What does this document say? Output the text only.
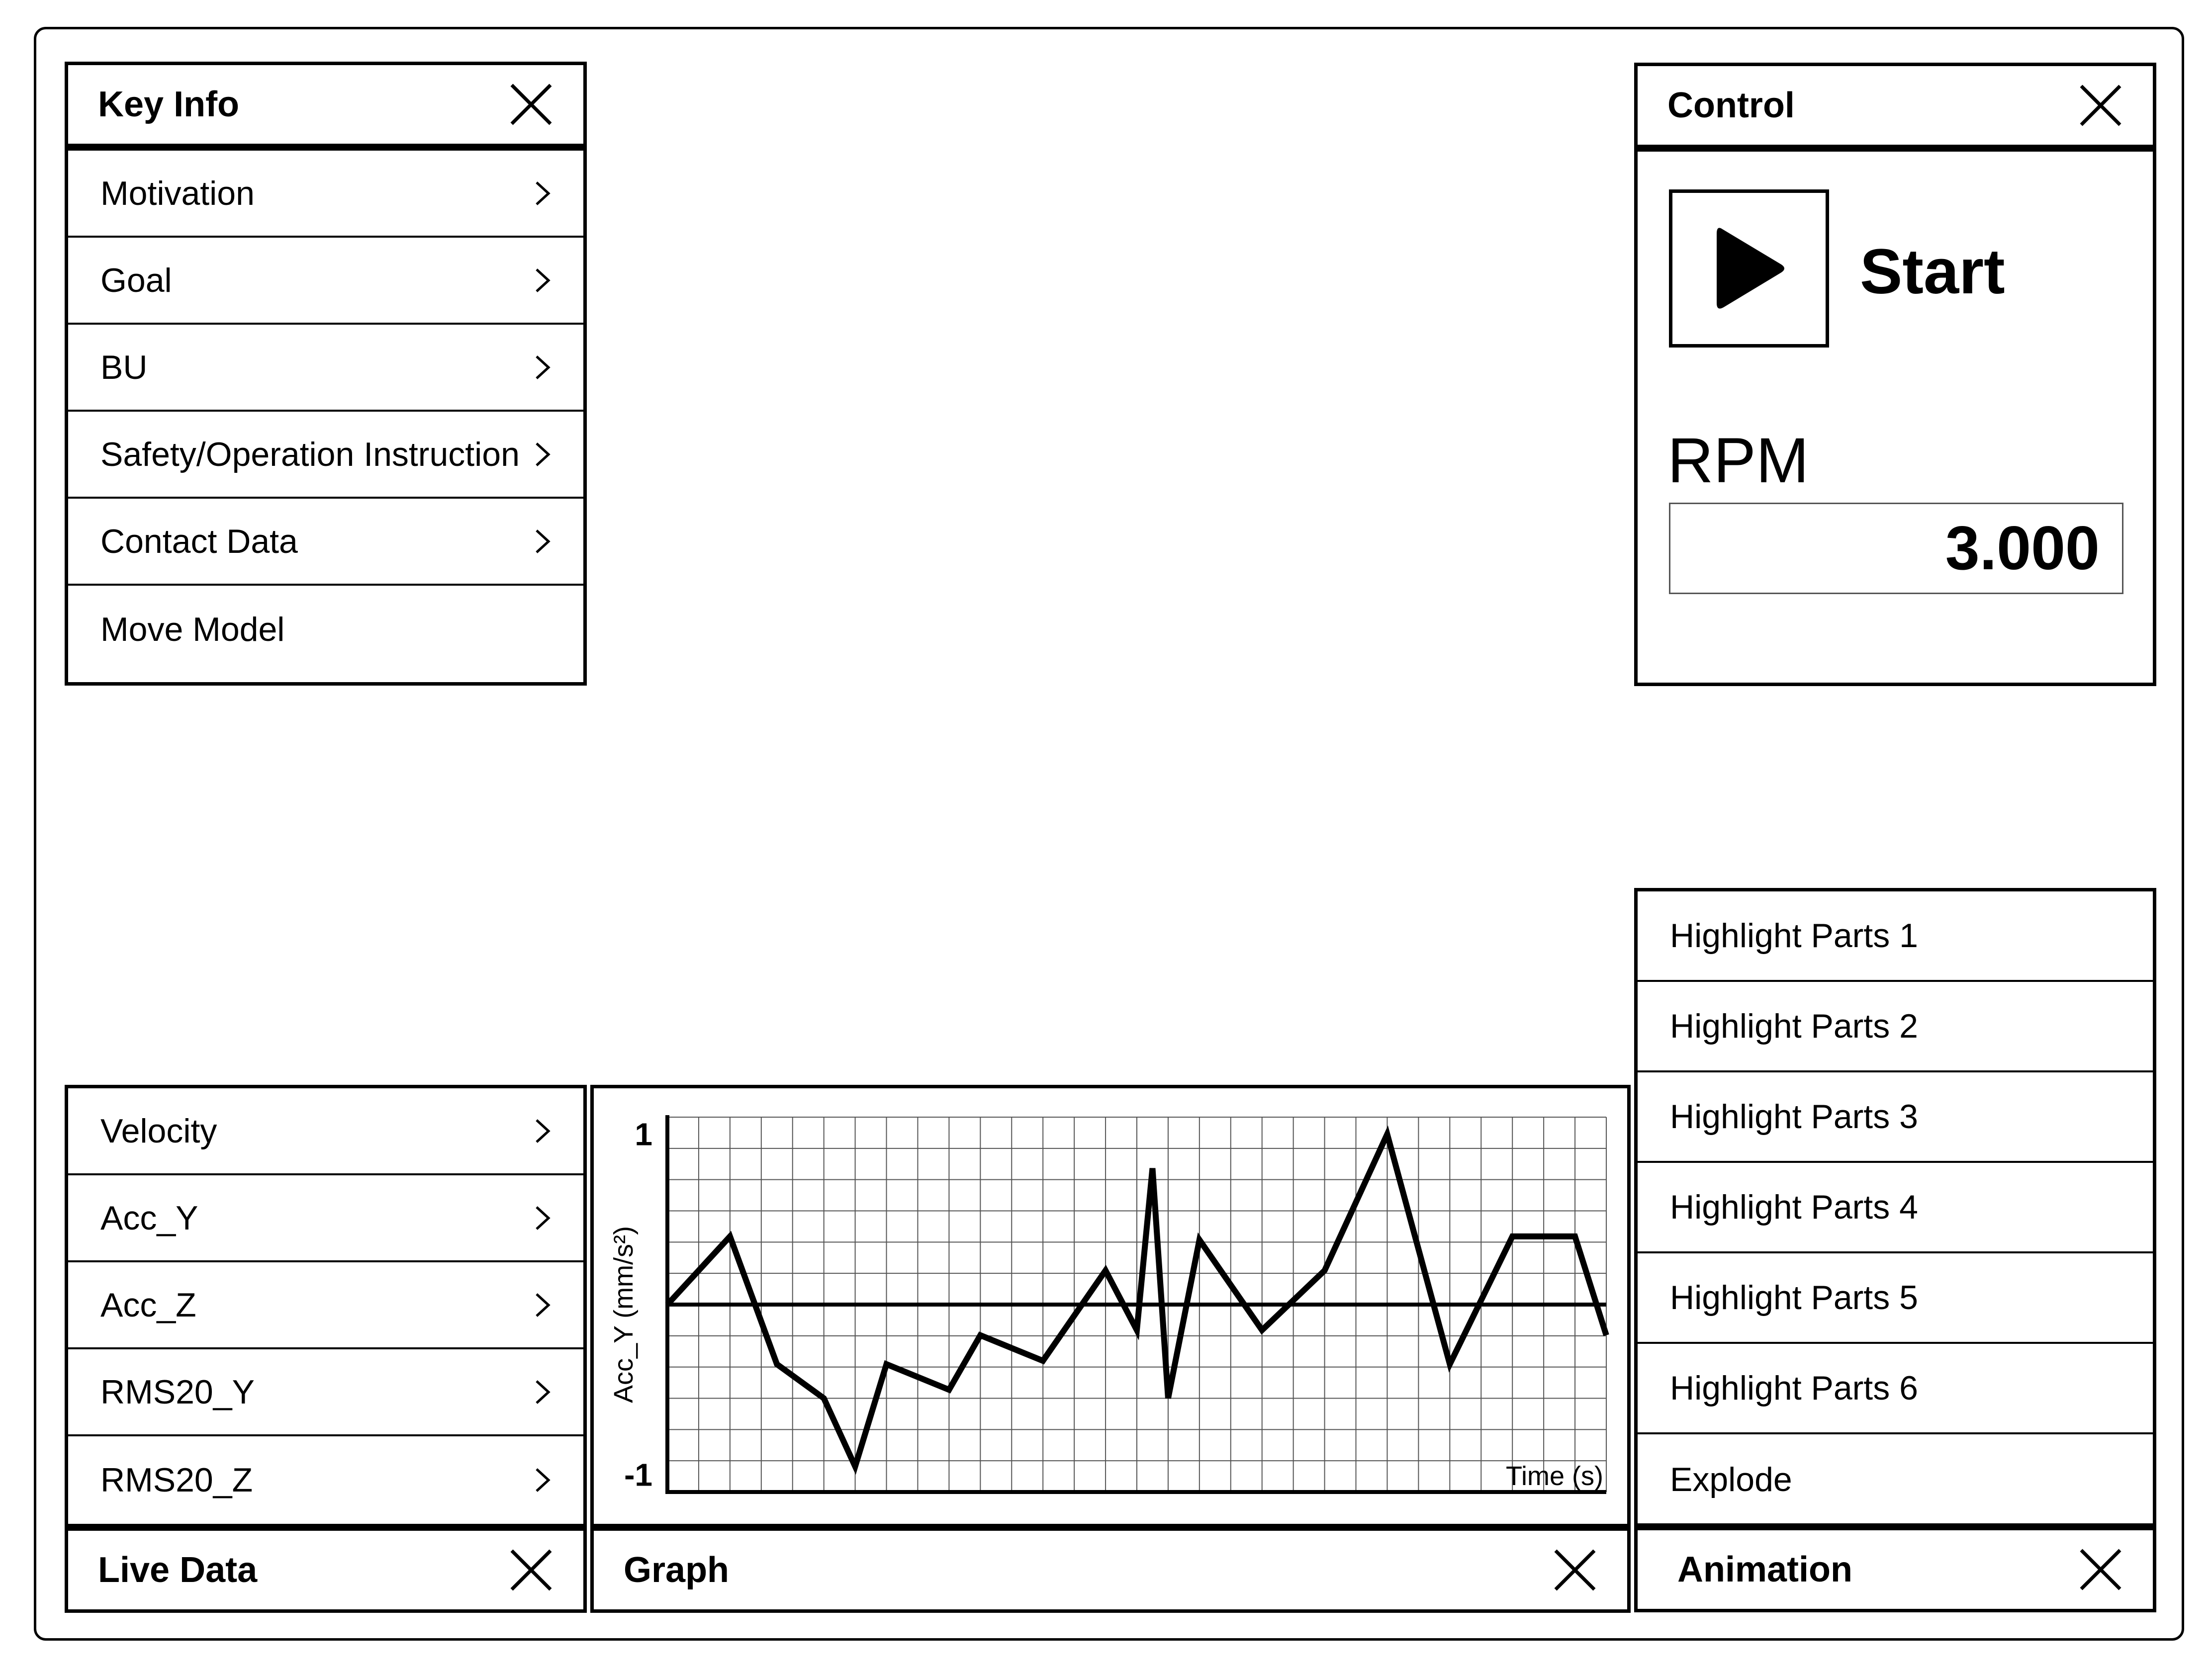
Key Info
Motivation
Goal
BU
Safety/Operation Instruction
Contact Data
Move Model
Control
Start
RPM
3.000
Highlight Parts 1
Highlight Parts 2
Highlight Parts 3
Highlight Parts 4
Highlight Parts 5
Highlight Parts 6
Explode
Animation
Velocity
Acc_Y
Acc_Z
RMS20_Y
RMS20_Z
Live Data
1
-1
Acc_Y (mm/s²)
Time (s)
Graph
